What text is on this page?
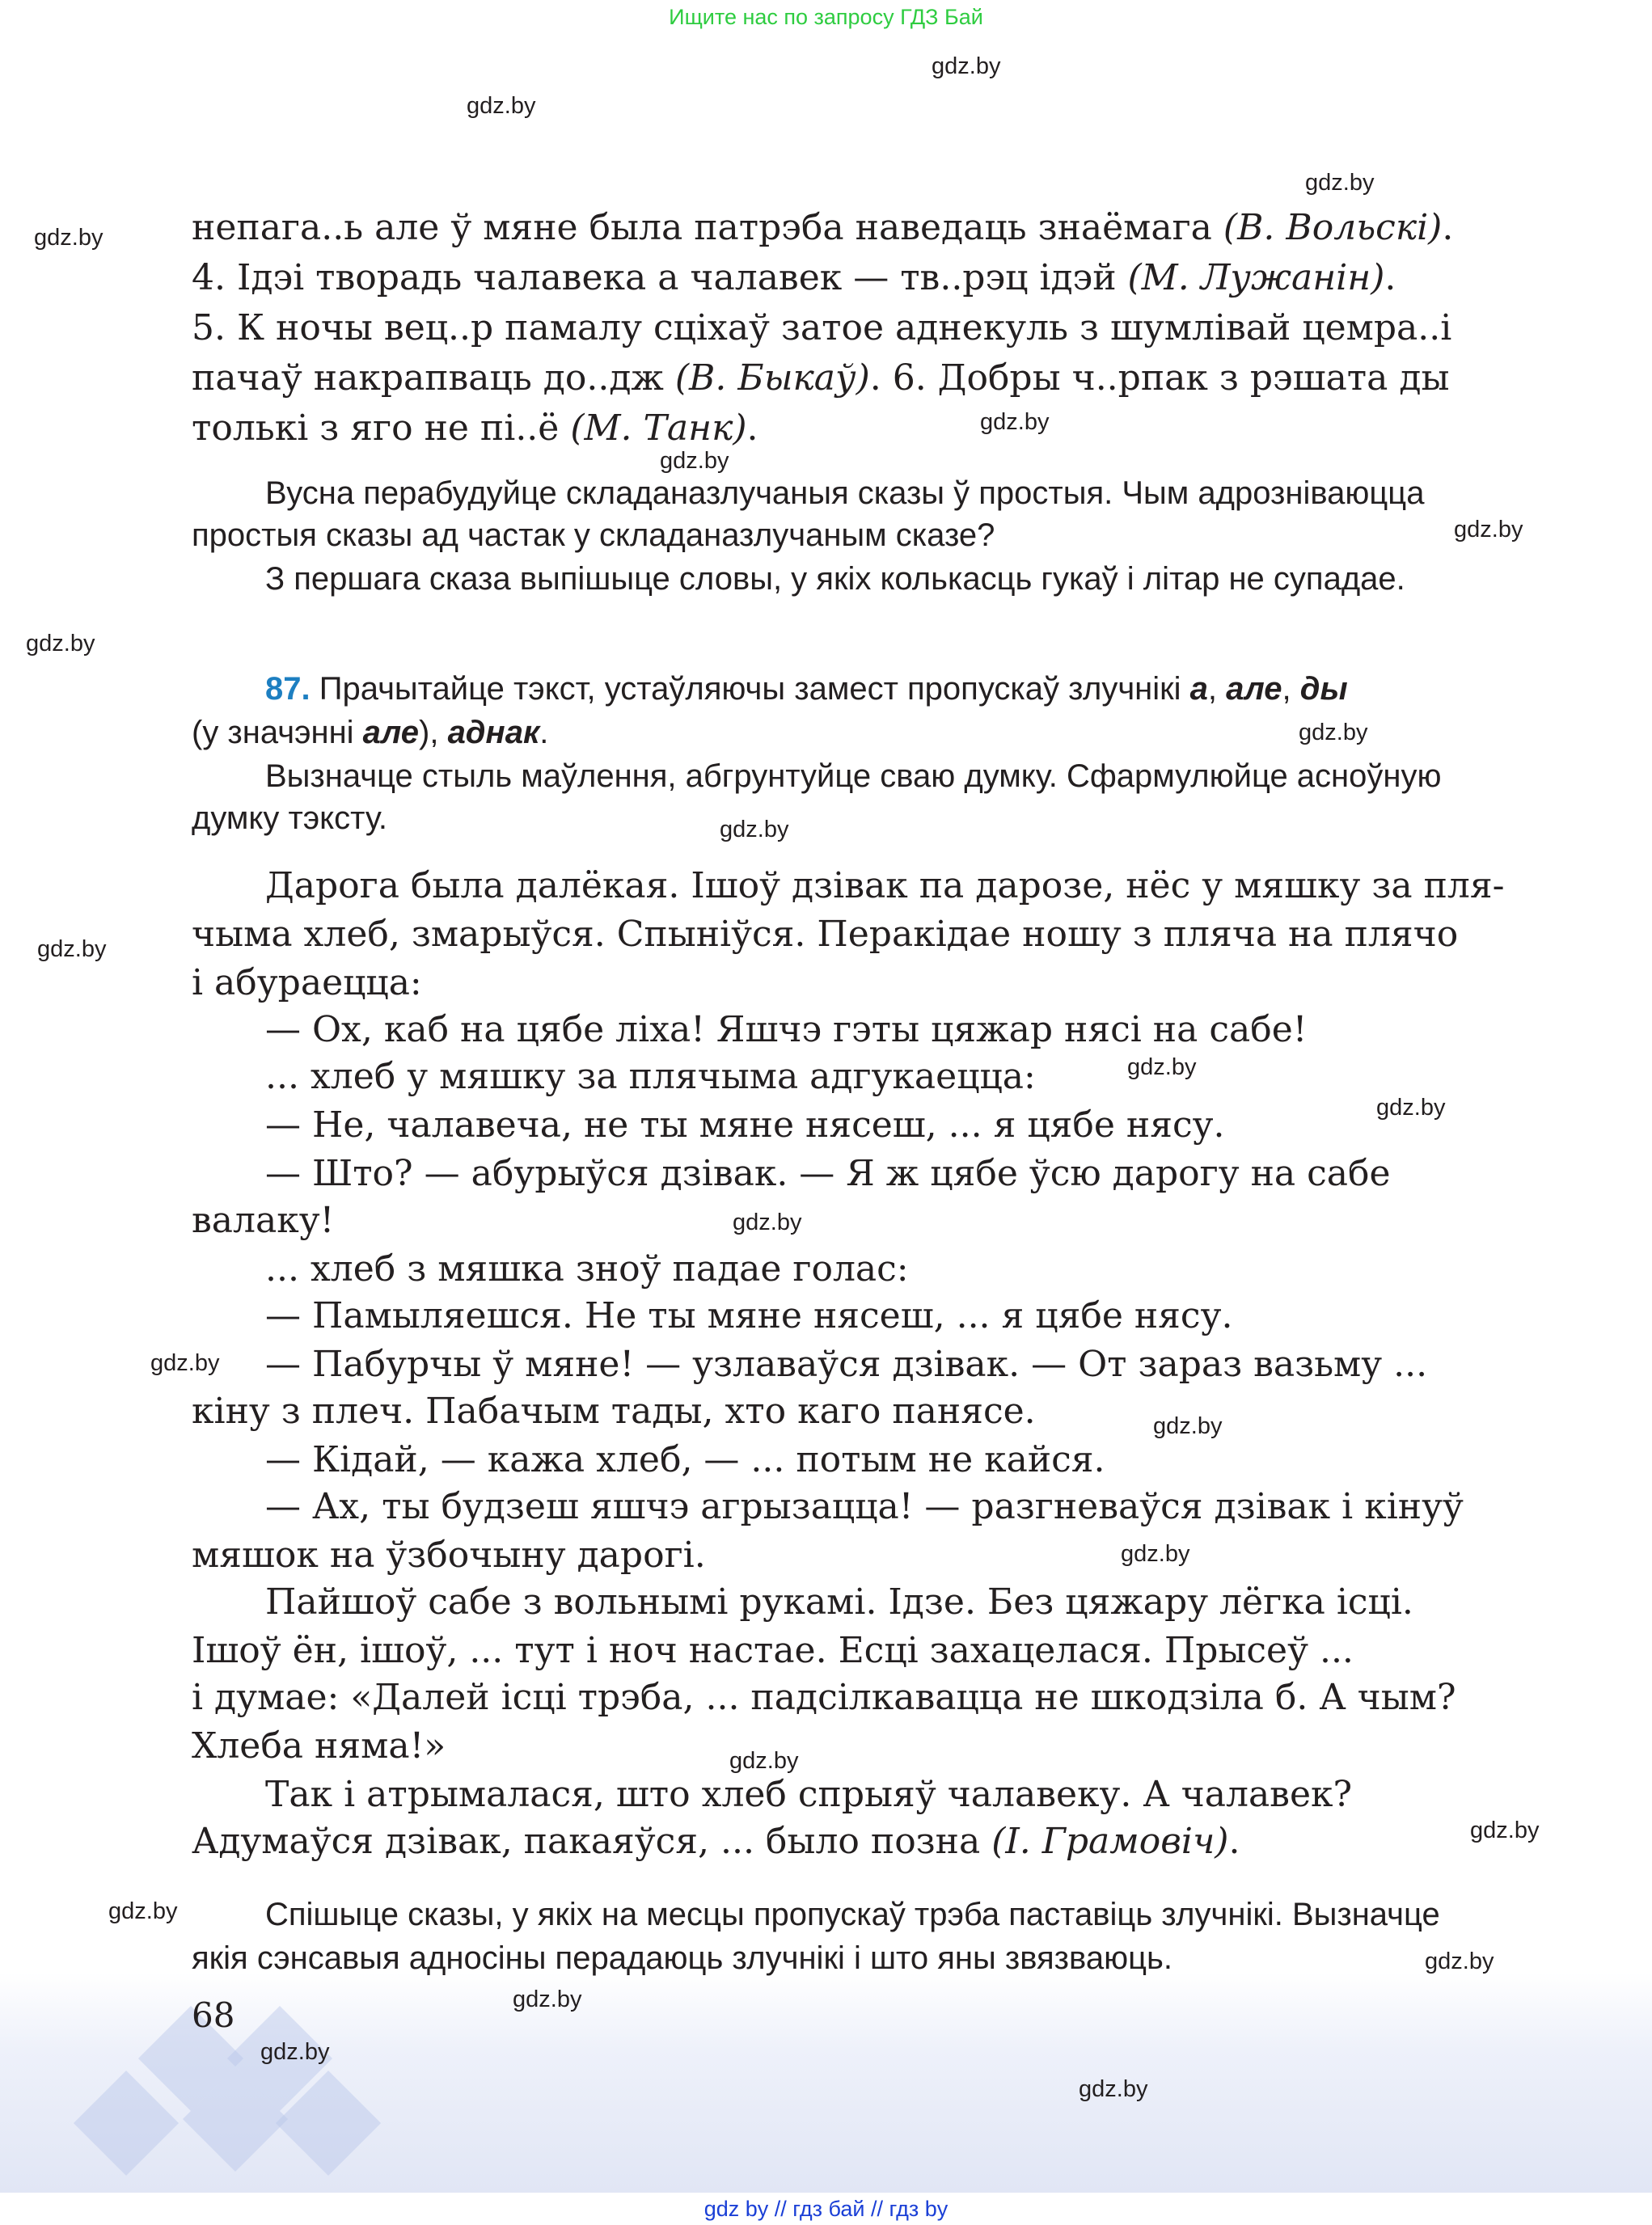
Ищите нас по запросу ГДЗ Бай
gdz.by
gdz.by
gdz.by
gdz.by
gdz.by
gdz.by
gdz.by
gdz.by
gdz.by
gdz.by
gdz.by
gdz.by
gdz.by
gdz.by
gdz.by
gdz.by
gdz.by
gdz.by
gdz.by
gdz.by
gdz.by
gdz.by
gdz.by
gdz.by
непага..ь але ў мяне была патрэба наведаць знаёмага (В. Вольскі).
4. Ідэі творадь чалавека а чалавек — тв..рэц ідэй (М. Лужанін).
5. К ночы вец..р памалу сціхаў затое аднекуль з шумлівай цемра..і
пачаў накрапваць до..дж (В. Быкаў). 6. Добры ч..рпак з рэшата ды
толькі з яго не пі..ё (М. Танк).
Вусна перабудуйце складаназлучаныя сказы ў простыя. Чым адрозніваюцца
простыя сказы ад частак у складаназлучаным сказе?
З першага сказа выпішыце словы, у якіх колькасць гукаў і літар не супадае.
87. Прачытайце тэкст, устаўляючы замест пропускаў злучнікі а, але, ды
(у значэнні але), аднак.
Вызначце стыль маўлення, абгрунтуйце сваю думку. Сфармулюйце асноўную
думку тэксту.
Дарога была далёкая. Ішоў дзівак па дарозе, нёс у мяшку за пля-
чыма хлеб, змарыўся. Спыніўся. Перакідае ношу з пляча на плячо
і абураецца:
— Ох, каб на цябе ліха! Яшчэ гэты цяжар нясі на сабе!
... хлеб у мяшку за плячыма адгукаецца:
— Не, чалавеча, не ты мяне нясеш, ... я цябе нясу.
— Што? — абурыўся дзівак. — Я ж цябе ўсю дарогу на сабе
валаку!
... хлеб з мяшка зноў падае голас:
— Памыляешся. Не ты мяне нясеш, ... я цябе нясу.
— Пабурчы ў мяне! — узлаваўся дзівак. — От зараз вазьму ...
кіну з плеч. Пабачым тады, хто каго панясе.
— Кідай, — кажа хлеб, — ... потым не кайся.
— Ах, ты будзеш яшчэ агрызацца! — разгневаўся дзівак і кінуў
мяшок на ўзбочыну дарогі.
Пайшоў сабе з вольнымі рукамі. Ідзе. Без цяжару лёгка ісці.
Ішоў ён, ішоў, ... тут і ноч настае. Есці захацелася. Прысеў ...
і думае: «Далей ісці трэба, ... падсілкавацца не шкодзіла б. А чым?
Хлеба няма!»
Так і атрымалася, што хлеб спрыяў чалавеку. А чалавек?
Адумаўся дзівак, пакаяўся, ... было позна (І. Грамовіч).
Спішыце сказы, у якіх на месцы пропускаў трэба паставіць злучнікі. Вызначце
якія сэнсавыя адносіны перадаюць злучнікі і што яны звязваюць.
68
gdz by // гдз бай // гдз by
